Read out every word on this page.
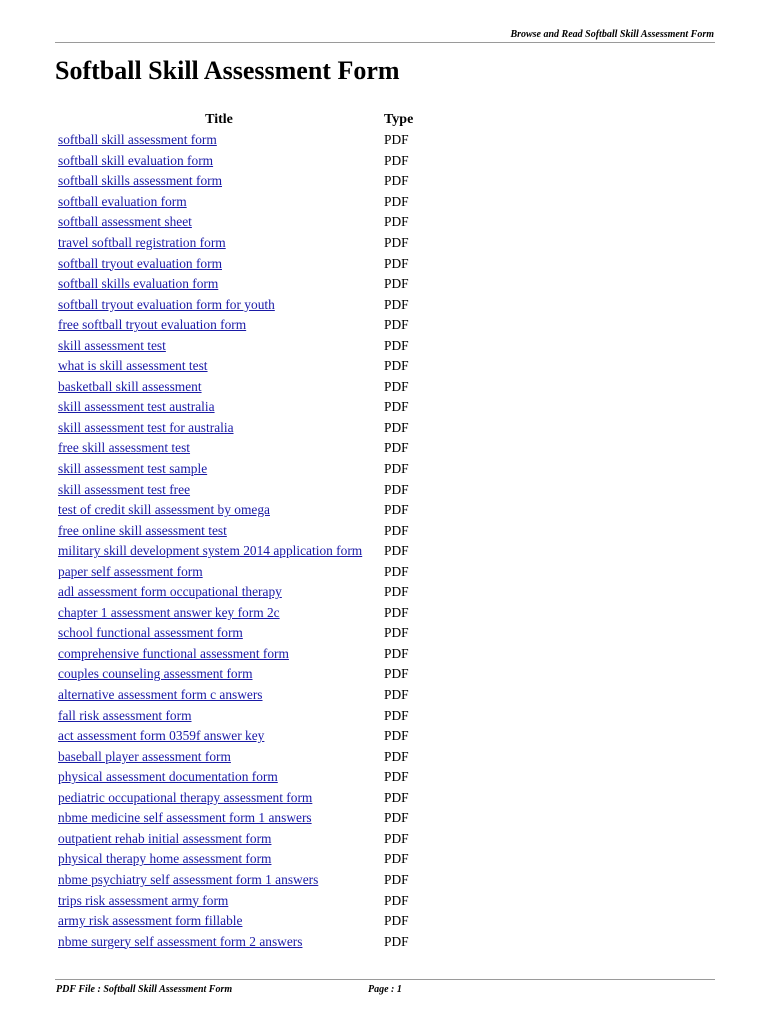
Browse and Read Softball Skill Assessment Form
Softball Skill Assessment Form
Title	Type
softball skill assessment form	PDF
softball skill evaluation form	PDF
softball skills assessment form	PDF
softball evaluation form	PDF
softball assessment sheet	PDF
travel softball registration form	PDF
softball tryout evaluation form	PDF
softball skills evaluation form	PDF
softball tryout evaluation form for youth	PDF
free softball tryout evaluation form	PDF
skill assessment test	PDF
what is skill assessment test	PDF
basketball skill assessment	PDF
skill assessment test australia	PDF
skill assessment test for australia	PDF
free skill assessment test	PDF
skill assessment test sample	PDF
skill assessment test free	PDF
test of credit skill assessment by omega	PDF
free online skill assessment test	PDF
military skill development system 2014 application form	PDF
paper self assessment form	PDF
adl assessment form occupational therapy	PDF
chapter 1 assessment answer key form 2c	PDF
school functional assessment form	PDF
comprehensive functional assessment form	PDF
couples counseling assessment form	PDF
alternative assessment form c answers	PDF
fall risk assessment form	PDF
act assessment form 0359f answer key	PDF
baseball player assessment form	PDF
physical assessment documentation form	PDF
pediatric occupational therapy assessment form	PDF
nbme medicine self assessment form 1 answers	PDF
outpatient rehab initial assessment form	PDF
physical therapy home assessment form	PDF
nbme psychiatry self assessment form 1 answers	PDF
trips risk assessment army form	PDF
army risk assessment form fillable	PDF
nbme surgery self assessment form 2 answers	PDF
PDF File : Softball Skill Assessment Form	Page : 1
